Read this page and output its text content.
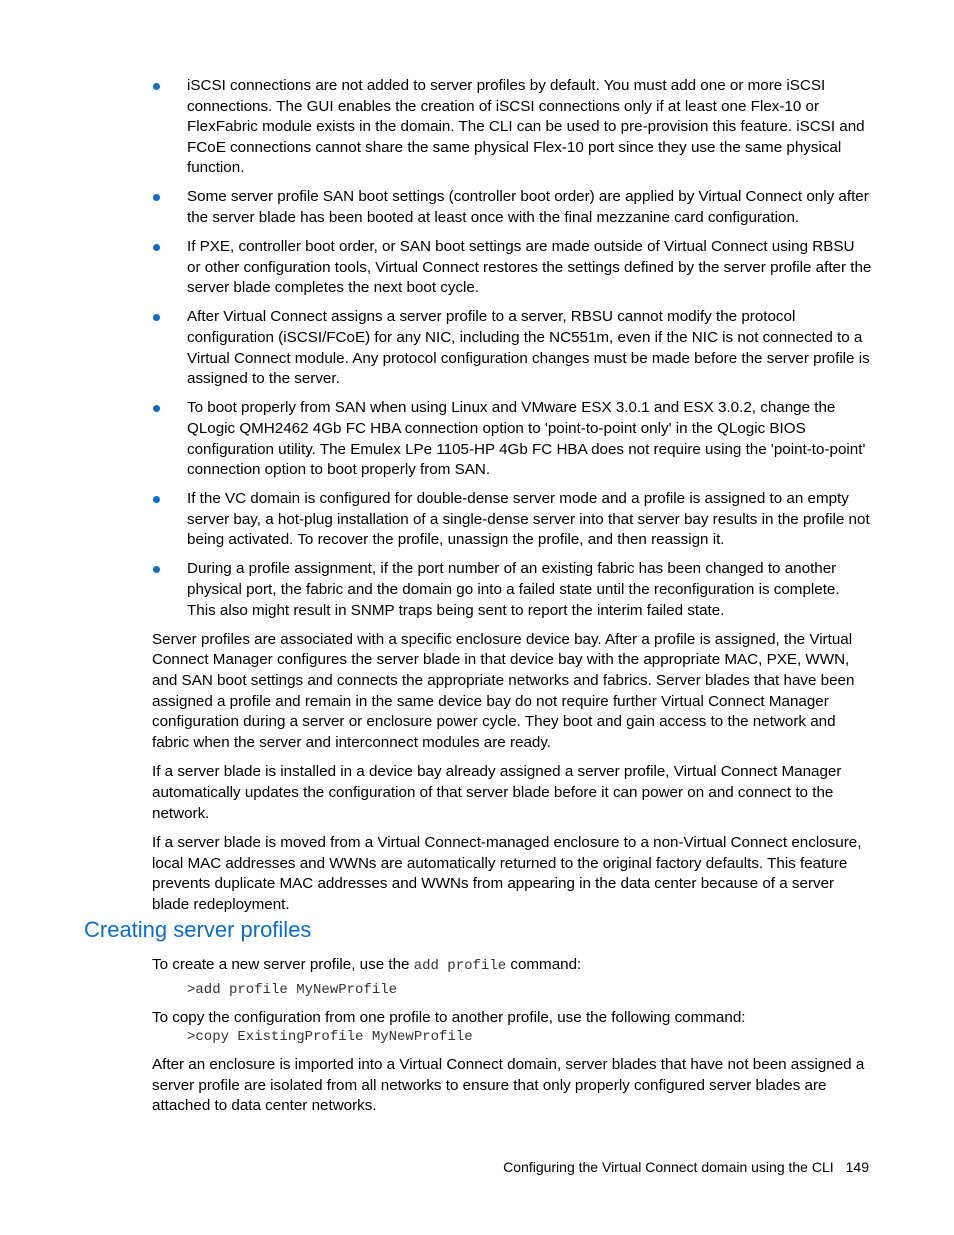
iSCSI connections are not added to server profiles by default. You must add one or more iSCSI connections. The GUI enables the creation of iSCSI connections only if at least one Flex-10 or FlexFabric module exists in the domain. The CLI can be used to pre-provision this feature. iSCSI and FCoE connections cannot share the same physical Flex-10 port since they use the same physical function.
Some server profile SAN boot settings (controller boot order) are applied by Virtual Connect only after the server blade has been booted at least once with the final mezzanine card configuration.
If PXE, controller boot order, or SAN boot settings are made outside of Virtual Connect using RBSU or other configuration tools, Virtual Connect restores the settings defined by the server profile after the server blade completes the next boot cycle.
After Virtual Connect assigns a server profile to a server, RBSU cannot modify the protocol configuration (iSCSI/FCoE) for any NIC, including the NC551m, even if the NIC is not connected to a Virtual Connect module. Any protocol configuration changes must be made before the server profile is assigned to the server.
To boot properly from SAN when using Linux and VMware ESX 3.0.1 and ESX 3.0.2, change the QLogic QMH2462 4Gb FC HBA connection option to 'point-to-point only' in the QLogic BIOS configuration utility. The Emulex LPe 1105-HP 4Gb FC HBA does not require using the 'point-to-point' connection option to boot properly from SAN.
If the VC domain is configured for double-dense server mode and a profile is assigned to an empty server bay, a hot-plug installation of a single-dense server into that server bay results in the profile not being activated. To recover the profile, unassign the profile, and then reassign it.
During a profile assignment, if the port number of an existing fabric has been changed to another physical port, the fabric and the domain go into a failed state until the reconfiguration is complete. This also might result in SNMP traps being sent to report the interim failed state.

Server profiles are associated with a specific enclosure device bay. After a profile is assigned, the Virtual Connect Manager configures the server blade in that device bay with the appropriate MAC, PXE, WWN, and SAN boot settings and connects the appropriate networks and fabrics. Server blades that have been assigned a profile and remain in the same device bay do not require further Virtual Connect Manager configuration during a server or enclosure power cycle. They boot and gain access to the network and fabric when the server and interconnect modules are ready.

If a server blade is installed in a device bay already assigned a server profile, Virtual Connect Manager automatically updates the configuration of that server blade before it can power on and connect to the network.

If a server blade is moved from a Virtual Connect-managed enclosure to a non-Virtual Connect enclosure, local MAC addresses and WWNs are automatically returned to the original factory defaults. This feature prevents duplicate MAC addresses and WWNs from appearing in the data center because of a server blade redeployment.

Creating server profiles

To create a new server profile, use the add profile command:

>add profile MyNewProfile

To copy the configuration from one profile to another profile, use the following command:

>copy ExistingProfile MyNewProfile

After an enclosure is imported into a Virtual Connect domain, server blades that have not been assigned a server profile are isolated from all networks to ensure that only properly configured server blades are attached to data center networks.

Configuring the Virtual Connect domain using the CLI 149
